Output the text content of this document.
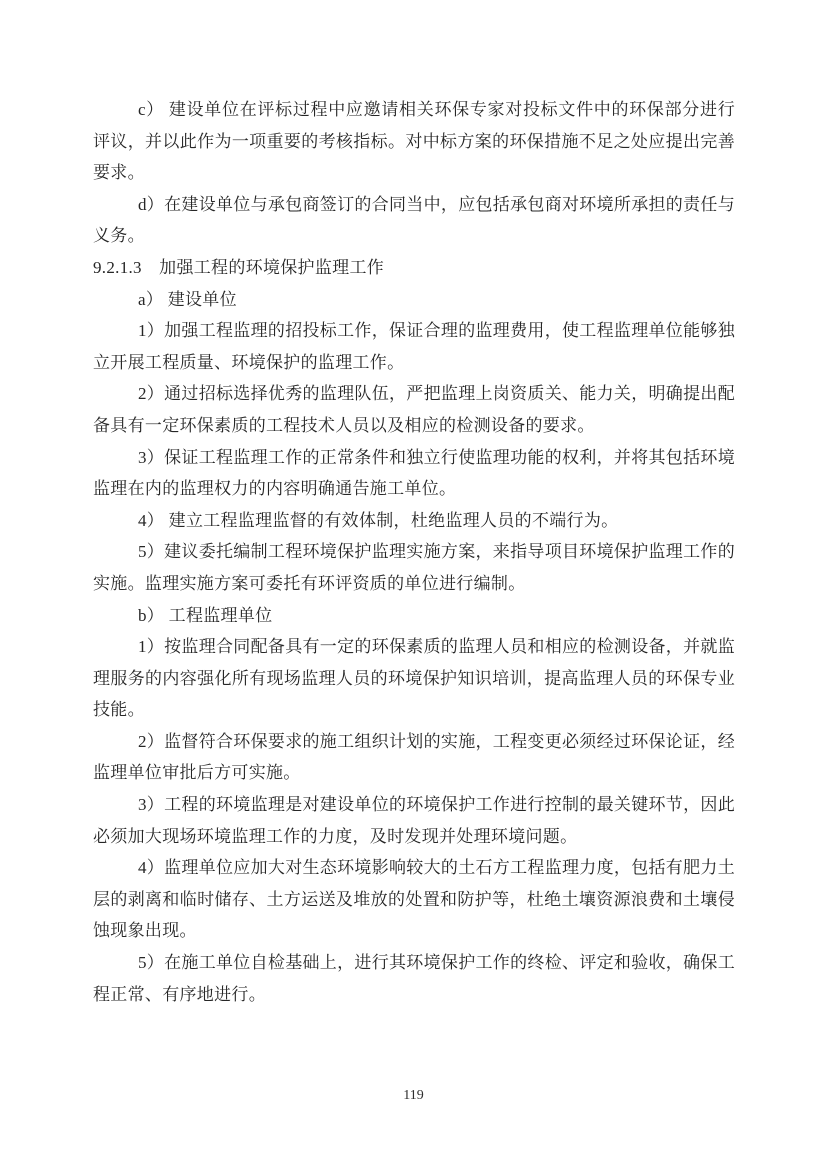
c） 建设单位在评标过程中应邀请相关环保专家对投标文件中的环保部分进行评议，并以此作为一项重要的考核指标。对中标方案的环保措施不足之处应提出完善要求。

d）在建设单位与承包商签订的合同当中，应包括承包商对环境所承担的责任与义务。

9.2.1.3　加强工程的环境保护监理工作

a） 建设单位

1）加强工程监理的招投标工作，保证合理的监理费用，使工程监理单位能够独立开展工程质量、环境保护的监理工作。

2）通过招标选择优秀的监理队伍，严把监理上岗资质关、能力关，明确提出配备具有一定环保素质的工程技术人员以及相应的检测设备的要求。

3）保证工程监理工作的正常条件和独立行使监理功能的权利，并将其包括环境监理在内的监理权力的内容明确通告施工单位。

4） 建立工程监理监督的有效体制，杜绝监理人员的不端行为。

5）建议委托编制工程环境保护监理实施方案，来指导项目环境保护监理工作的实施。监理实施方案可委托有环评资质的单位进行编制。

b） 工程监理单位

1）按监理合同配备具有一定的环保素质的监理人员和相应的检测设备，并就监理服务的内容强化所有现场监理人员的环境保护知识培训，提高监理人员的环保专业技能。

2）监督符合环保要求的施工组织计划的实施，工程变更必须经过环保论证，经监理单位审批后方可实施。

3）工程的环境监理是对建设单位的环境保护工作进行控制的最关键环节，因此必须加大现场环境监理工作的力度，及时发现并处理环境问题。

4）监理单位应加大对生态环境影响较大的土石方工程监理力度，包括有肥力土层的剥离和临时储存、土方运送及堆放的处置和防护等，杜绝土壤资源浪费和土壤侵蚀现象出现。

5）在施工单位自检基础上，进行其环境保护工作的终检、评定和验收，确保工程正常、有序地进行。

119
